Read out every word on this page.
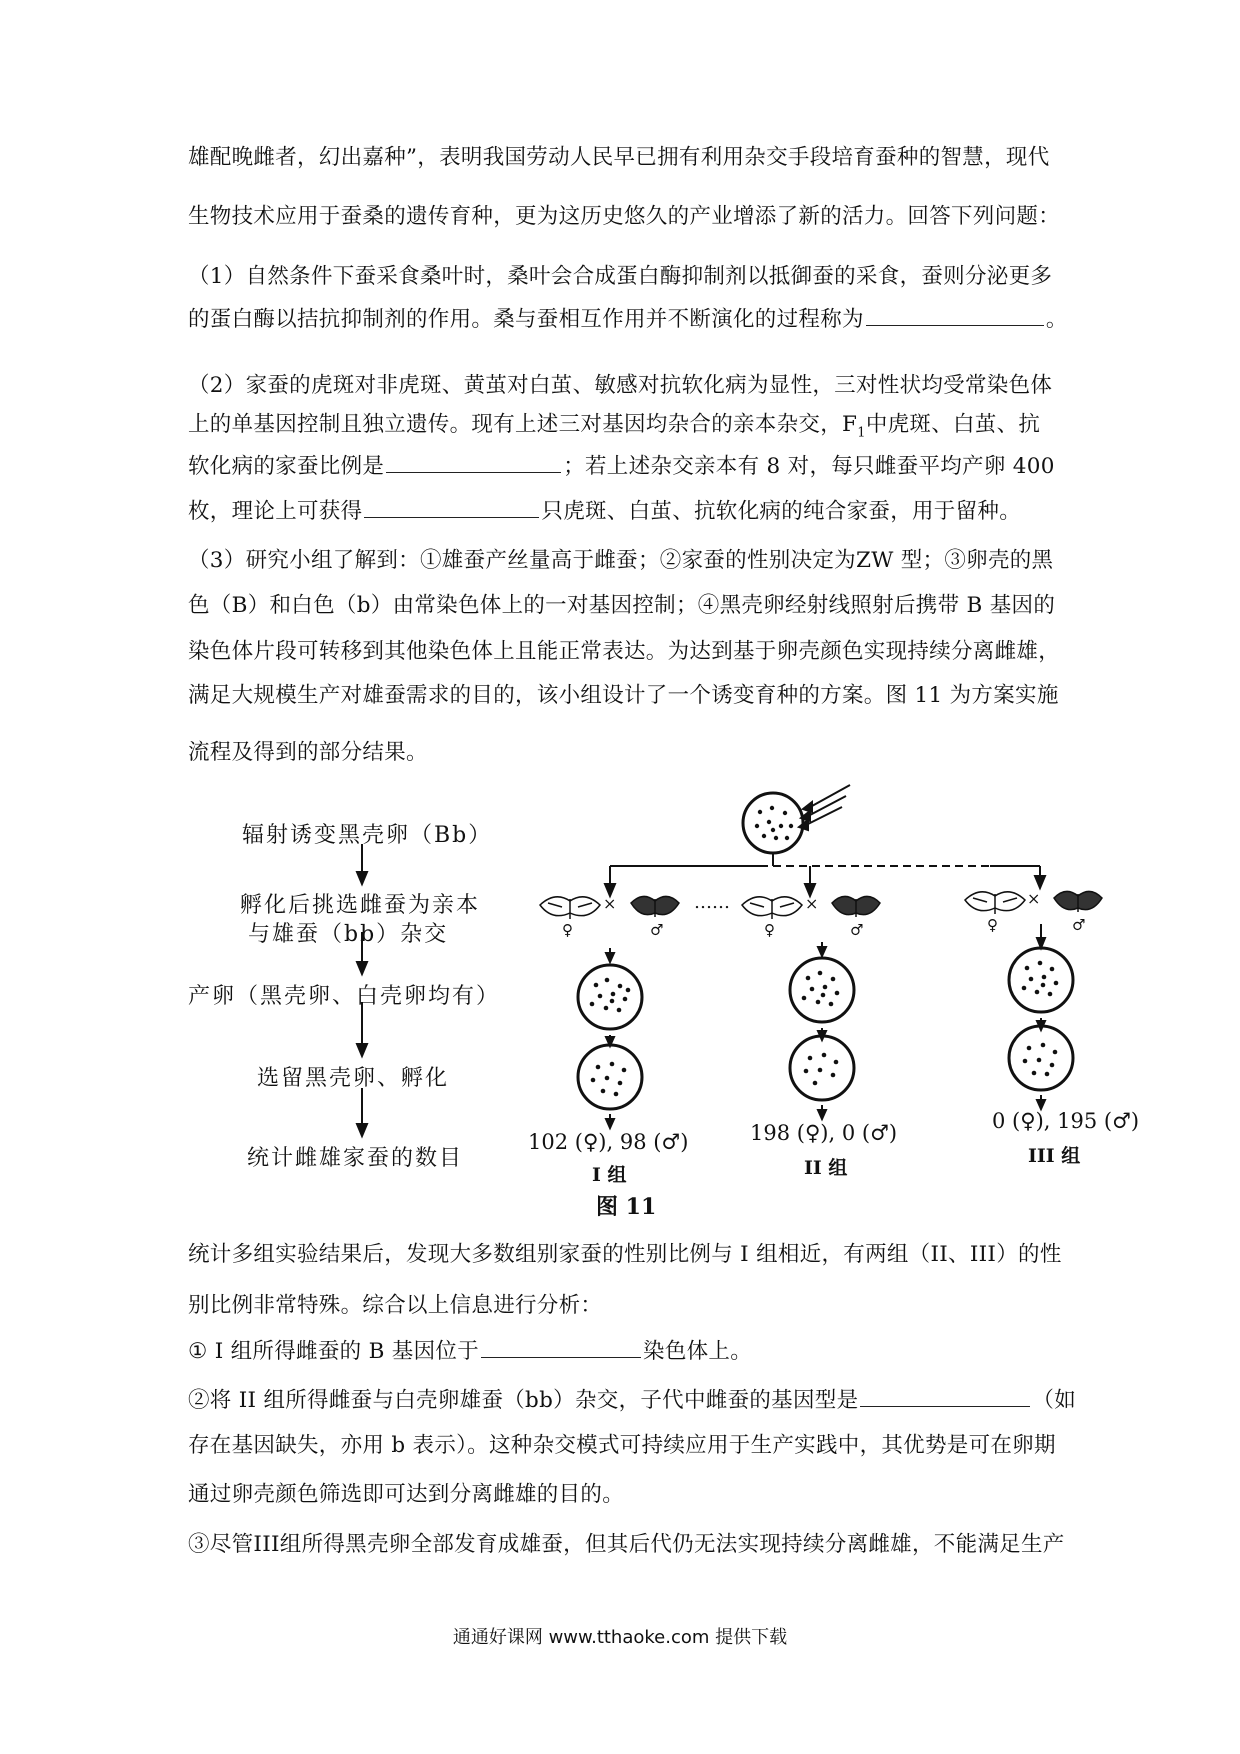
雄配晚雌者，幻出嘉种”，表明我国劳动人民早已拥有利用杂交手段培育蚕种的智慧，现代
生物技术应用于蚕桑的遗传育种，更为这历史悠久的产业增添了新的活力。回答下列问题：
（1）自然条件下蚕采食桑叶时，桑叶会合成蛋白酶抑制剂以抵御蚕的采食，蚕则分泌更多
的蛋白酶以拮抗抑制剂的作用。桑与蚕相互作用并不断演化的过程称为	。
（2）家蚕的虎斑对非虎斑、黄茧对白茧、敏感对抗软化病为显性，三对性状均受常染色体
上的单基因控制且独立遗传。现有上述三对基因均杂合的亲本杂交，$F_1$中虎斑、白茧、抗
软化病的家蚕比例是	；若上述杂交亲本有 8 对，每只雌蚕平均产卵 400
枚，理论上可获得	只虎斑、白茧、抗软化病的纯合家蚕，用于留种。
（3）研究小组了解到：①雄蚕产丝量高于雌蚕；②家蚕的性别决定为ZW 型；③卵壳的黑
色（B）和白色（b）由常染色体上的一对基因控制；④黑壳卵经射线照射后携带 B 基因的
染色体片段可转移到其他染色体上且能正常表达。为达到基于卵壳颜色实现持续分离雌雄，
满足大规模生产对雄蚕需求的目的，该小组设计了一个诱变育种的方案。图 11 为方案实施
流程及得到的部分结果。
辐射诱变黑壳卵（Bb）
孵化后挑选雌蚕为亲本
与雄蚕（bb）杂交
产卵（黑壳卵、白壳卵均有）
选留黑壳卵、孵化
统计雌雄家蚕的数目
×	×	×
……
♀	♂	♀	♂	♀	♂
102 (♀), 98 (♂)
I 组
198 (♀), 0 (♂)
II 组
0 (♀), 195 (♂)
III 组
图 11
统计多组实验结果后，发现大多数组别家蚕的性别比例与 I 组相近，有两组（II、III）的性
别比例非常特殊。综合以上信息进行分析：
① I 组所得雌蚕的 B 基因位于	染色体上。
②将 II 组所得雌蚕与白壳卵雄蚕（bb）杂交，子代中雌蚕的基因型是	（如
存在基因缺失，亦用 b 表示）。这种杂交模式可持续应用于生产实践中，其优势是可在卵期
通过卵壳颜色筛选即可达到分离雌雄的目的。
③尽管III组所得黑壳卵全部发育成雄蚕，但其后代仍无法实现持续分离雌雄，不能满足生产
通通好课网 www.tthaoke.com 提供下载
